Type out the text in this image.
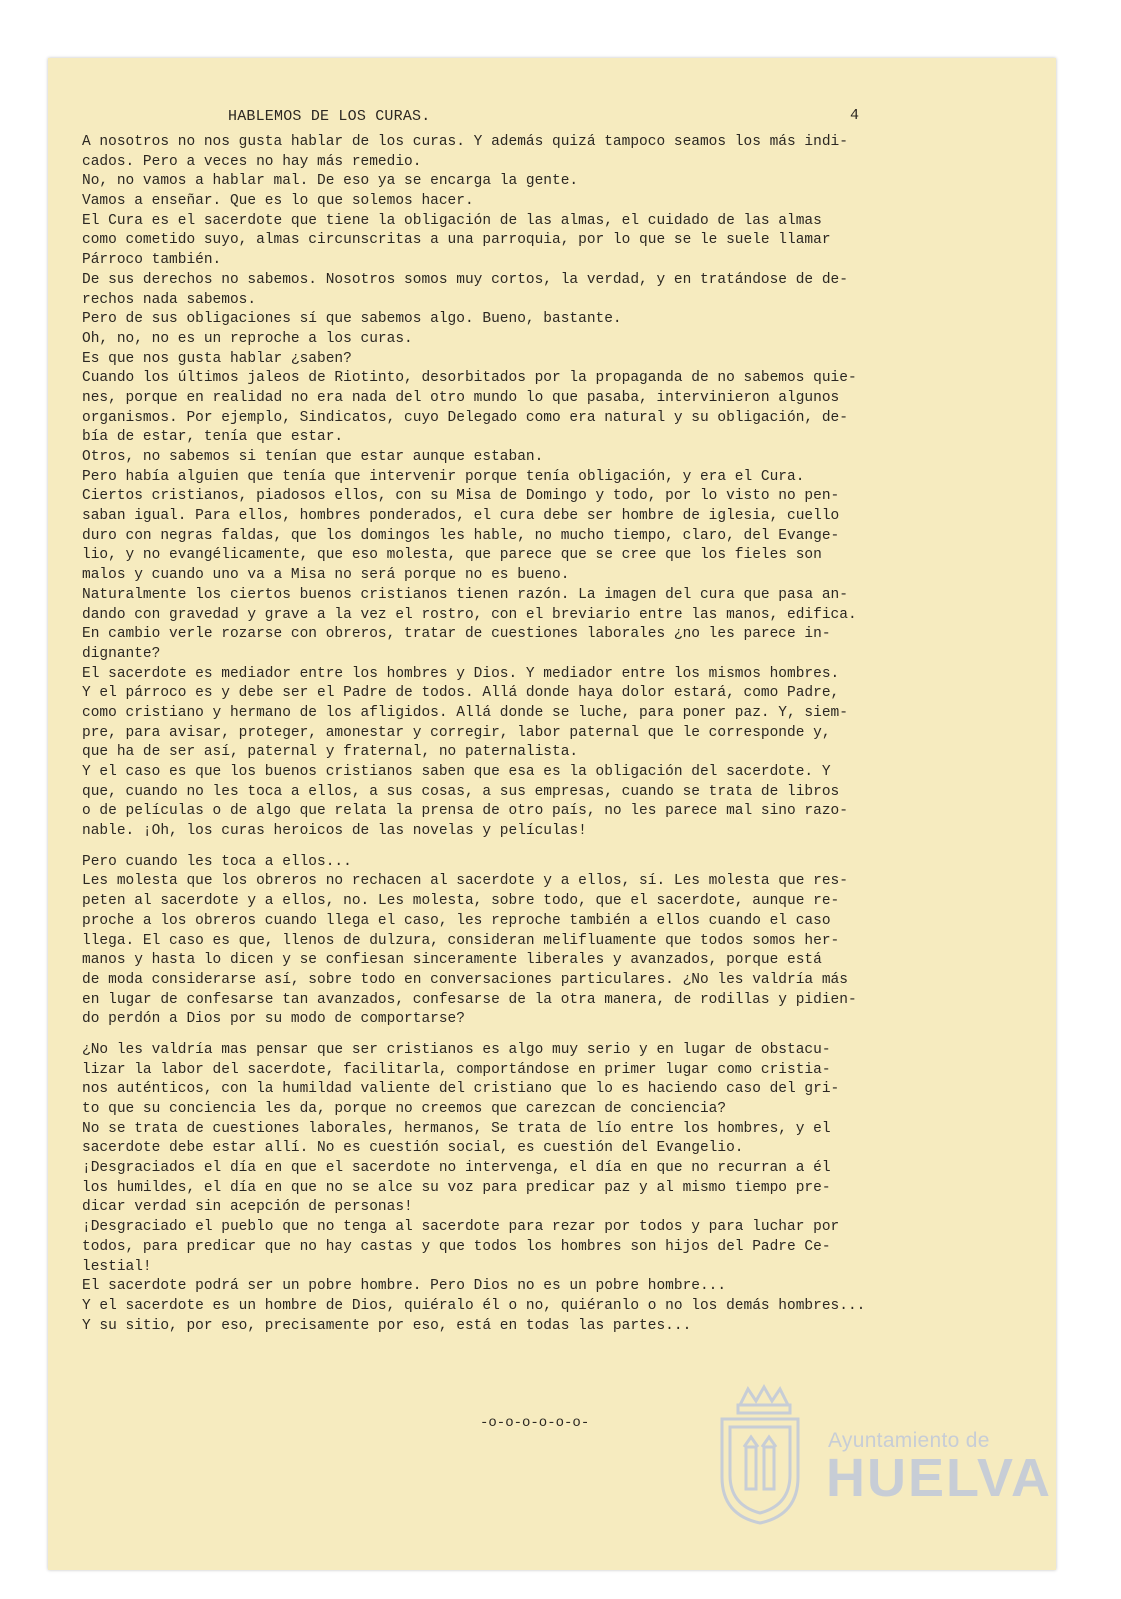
HABLEMOS DE LOS CURAS.	4
A nosotros no nos gusta hablar de los curas. Y además quizá tampoco seamos los más indi-
cados. Pero a veces no hay más remedio.
No, no vamos a hablar mal. De eso ya se encarga la gente.
Vamos a enseñar. Que es lo que solemos hacer.
El Cura es el sacerdote que tiene la obligación de las almas, el cuidado de las almas
como cometido suyo, almas circunscritas a una parroquia, por lo que se le suele llamar
Párroco también.
De sus derechos no sabemos. Nosotros somos muy cortos, la verdad, y en tratándose de de-
rechos nada sabemos.
Pero de sus obligaciones sí que sabemos algo. Bueno, bastante.
Oh, no, no es un reproche a los curas.
Es que nos gusta hablar ¿saben?
Cuando los últimos jaleos de Riotinto, desorbitados por la propaganda de no sabemos quie-
nes, porque en realidad no era nada del otro mundo lo que pasaba, intervinieron algunos
organismos. Por ejemplo, Sindicatos, cuyo Delegado como era natural y su obligación, de-
bía de estar, tenía que estar.
Otros, no sabemos si tenían que estar aunque estaban.
Pero había alguien que tenía que intervenir porque tenía obligación, y era el Cura.
Ciertos cristianos, piadosos ellos, con su Misa de Domingo y todo, por lo visto no pen-
saban igual. Para ellos, hombres ponderados, el cura debe ser hombre de iglesia, cuello
duro con negras faldas, que los domingos les hable, no mucho tiempo, claro, del Evange-
lio, y no evangélicamente, que eso molesta, que parece que se cree que los fieles son
malos y cuando uno va a Misa no será porque no es bueno.
Naturalmente los ciertos buenos cristianos tienen razón. La imagen del cura que pasa an-
dando con gravedad y grave a la vez el rostro, con el breviario entre las manos, edifica.
En cambio verle rozarse con obreros, tratar de cuestiones laborales ¿no les parece in-
dignante?
El sacerdote es mediador entre los hombres y Dios. Y mediador entre los mismos hombres.
Y el párroco es y debe ser el Padre de todos. Allá donde haya dolor estará, como Padre,
como cristiano y hermano de los afligidos. Allá donde se luche, para poner paz. Y, siem-
pre, para avisar, proteger, amonestar y corregir, labor paternal que le corresponde y,
que ha de ser así, paternal y fraternal, no paternalista.
Y el caso es que los buenos cristianos saben que esa es la obligación del sacerdote. Y
que, cuando no les toca a ellos, a sus cosas, a sus empresas, cuando se trata de libros
o de películas o de algo que relata la prensa de otro país, no les parece mal sino razo-
nable. ¡Oh, los curas heroicos de las novelas y películas!
Pero cuando les toca a ellos...
Les molesta que los obreros no rechacen al sacerdote y a ellos, sí. Les molesta que res-
peten al sacerdote y a ellos, no. Les molesta, sobre todo, que el sacerdote, aunque re-
proche a los obreros cuando llega el caso, les reproche también a ellos cuando el caso
llega. El caso es que, llenos de dulzura, consideran melifluamente que todos somos her-
manos y hasta lo dicen y se confiesan sinceramente liberales y avanzados, porque está
de moda considerarse así, sobre todo en conversaciones particulares. ¿No les valdría más
en lugar de confesarse tan avanzados, confesarse de la otra manera, de rodillas y pidien-
do perdón a Dios por su modo de comportarse?
¿No les valdría mas pensar que ser cristianos es algo muy serio y en lugar de obstacu-
lizar la labor del sacerdote, facilitarla, comportándose en primer lugar como cristia-
nos auténticos, con la humildad valiente del cristiano que lo es haciendo caso del gri-
to que su conciencia les da, porque no creemos que carezcan de conciencia?
No se trata de cuestiones laborales, hermanos, Se trata de lío entre los hombres, y el
sacerdote debe estar allí. No es cuestión social, es cuestión del Evangelio.
¡Desgraciados el día en que el sacerdote no intervenga, el día en que no recurran a él
los humildes, el día en que no se alce su voz para predicar paz y al mismo tiempo pre-
dicar verdad sin acepción de personas!
¡Desgraciado el pueblo que no tenga al sacerdote para rezar por todos y para luchar por
todos, para predicar que no hay castas y que todos los hombres son hijos del Padre Ce-
lestial!
El sacerdote podrá ser un pobre hombre. Pero Dios no es un pobre hombre...
Y el sacerdote es un hombre de Dios, quiéralo él o no, quiéranlo o no los demás hombres...
Y su sitio, por eso, precisamente por eso, está en todas las partes...
-o-o-o-o-o-o-
Ayuntamiento de
HUELVA
